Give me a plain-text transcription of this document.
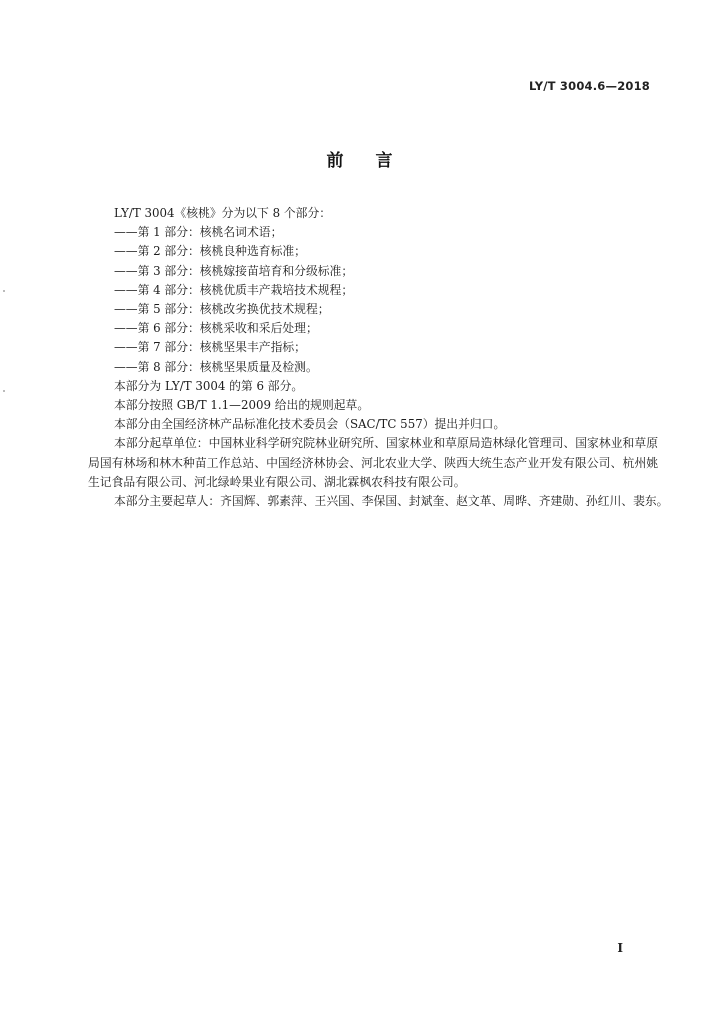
LY/T 3004.6—2018
前言

LY/T 3004《核桃》分为以下 8 个部分：

——第 1 部分：核桃名词术语；

——第 2 部分：核桃良种选育标准；

——第 3 部分：核桃嫁接苗培育和分级标准；

——第 4 部分：核桃优质丰产栽培技术规程；

——第 5 部分：核桃改劣换优技术规程；

——第 6 部分：核桃采收和采后处理；

——第 7 部分：核桃坚果丰产指标；

——第 8 部分：核桃坚果质量及检测。

本部分为 LY/T 3004 的第 6 部分。

本部分按照 GB/T 1.1—2009 给出的规则起草。

本部分由全国经济林产品标准化技术委员会（SAC/TC 557）提出并归口。

本部分起草单位：中国林业科学研究院林业研究所、国家林业和草原局造林绿化管理司、国家林业和草原局国有林场和林木种苗工作总站、中国经济林协会、河北农业大学、陕西大统生态产业开发有限公司、杭州姚生记食品有限公司、河北绿岭果业有限公司、湖北霖枫农科技有限公司。

本部分主要起草人：齐国辉、郭素萍、王兴国、李保国、封斌奎、赵文革、周晔、齐建勋、孙红川、裴东。

I
